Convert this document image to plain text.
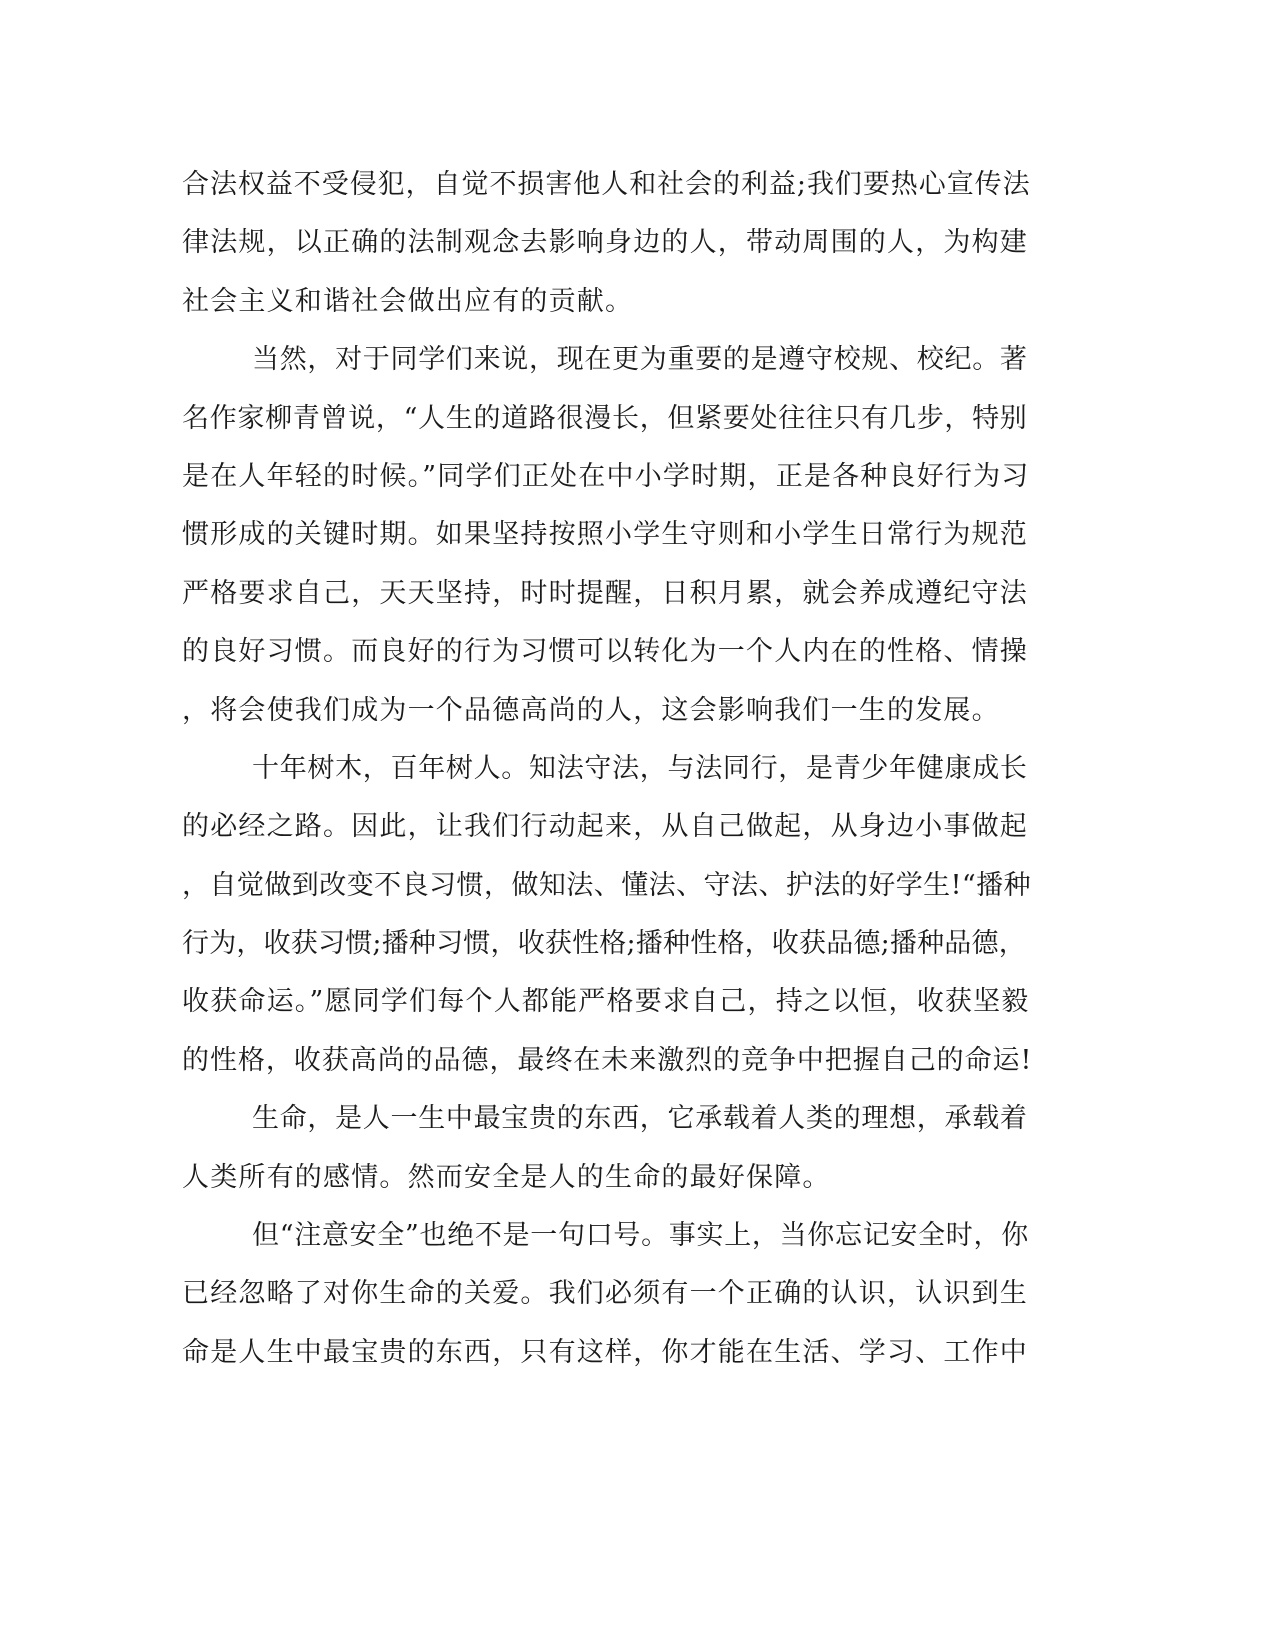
合法权益不受侵犯，自觉不损害他人和社会的利益;我们要热心宣传法
律法规，以正确的法制观念去影响身边的人，带动周围的人，为构建
社会主义和谐社会做出应有的贡献。
当然，对于同学们来说，现在更为重要的是遵守校规、校纪。著
名作家柳青曾说，“人生的道路很漫长，但紧要处往往只有几步，特别
是在人年轻的时候。”同学们正处在中小学时期，正是各种良好行为习
惯形成的关键时期。如果坚持按照小学生守则和小学生日常行为规范
严格要求自己，天天坚持，时时提醒，日积月累，就会养成遵纪守法
的良好习惯。而良好的行为习惯可以转化为一个人内在的性格、情操
，将会使我们成为一个品德高尚的人，这会影响我们一生的发展。
十年树木，百年树人。知法守法，与法同行，是青少年健康成长
的必经之路。因此，让我们行动起来，从自己做起，从身边小事做起
，自觉做到改变不良习惯，做知法、懂法、守法、护法的好学生!“播种
行为，收获习惯;播种习惯，收获性格;播种性格，收获品德;播种品德，
收获命运。”愿同学们每个人都能严格要求自己，持之以恒，收获坚毅
的性格，收获高尚的品德，最终在未来激烈的竞争中把握自己的命运!
生命，是人一生中最宝贵的东西，它承载着人类的理想，承载着
人类所有的感情。然而安全是人的生命的最好保障。
但“注意安全”也绝不是一句口号。事实上，当你忘记安全时，你
已经忽略了对你生命的关爱。我们必须有一个正确的认识，认识到生
命是人生中最宝贵的东西，只有这样，你才能在生活、学习、工作中
